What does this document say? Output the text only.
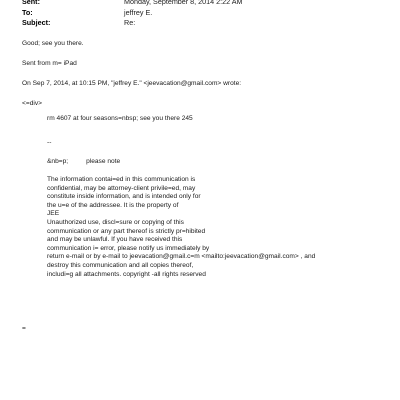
Sent:	Monday, September 8, 2014 2:22 AM
To:	jeffrey E.
Subject:	Re:
Good; see you there.
Sent from m= iPad
On Sep 7, 2014, at 10:15 PM, "jeffrey E." <jeevacation@gmail.com> wrote:
<=div>
rm 4607 at four seasons=nbsp; see you there 245
--
&nb=p;	please note
The information contai=ed in this communication is
confidential, may be attorney-client privile=ed, may
constitute inside information, and is intended only for
the u=e of the addressee. It is the property of
JEE
Unauthorized use, discl=sure or copying of this
communication or any part thereof is strictly pr=hibited
and may be unlawful. If you have received this
communication i= error, please notify us immediately by
return e-mail or by e-mail to jeevacation@gmail.c=m <mailto:jeevacation@gmail.com> , and
destroy this communication and all copies thereof,
includi=g all attachments. copyright -all rights reserved
=
